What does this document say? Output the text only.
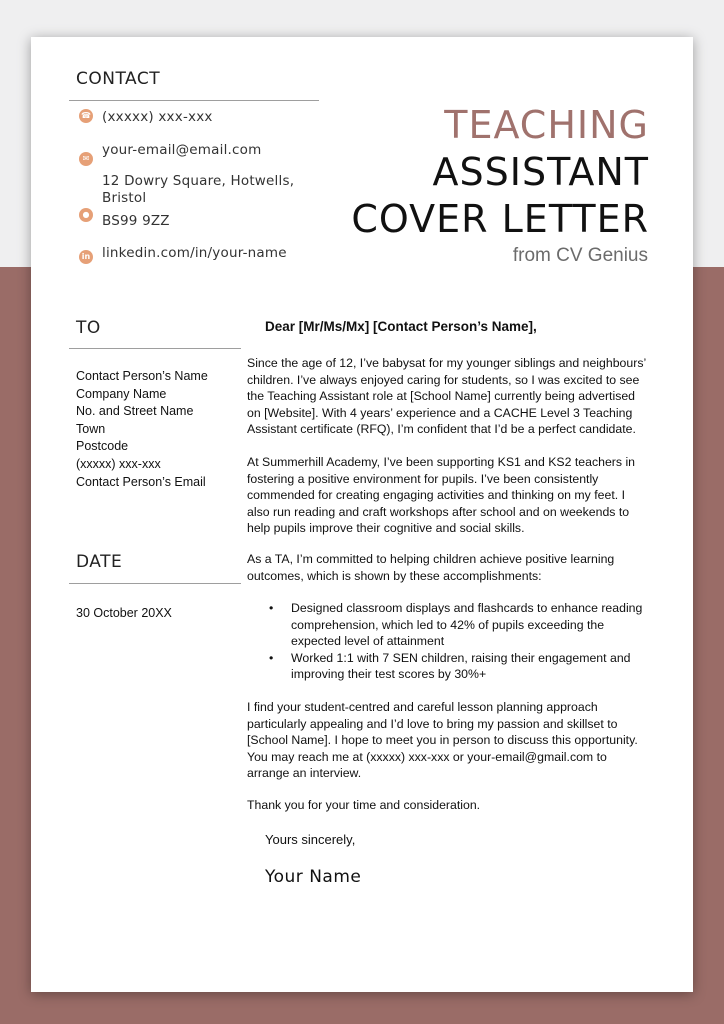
CONTACT
☎ (xxxxx) xxx-xxx
✉
your-email@email.com
12 Dowry Square, Hotwells,
Bristol
● BS99 9ZZ
in linkedin.com/in/your-name
TEACHING
ASSISTANT
COVER LETTER
from CV Genius
TO
Contact Person’s Name
Company Name
No. and Street Name
Town
Postcode
(xxxxx) xxx-xxx
Contact Person’s Email
DATE
30 October 20XX
Dear [Mr/Ms/Mx] [Contact Person’s Name],

Since the age of 12, I’ve babysat for my younger siblings and neighbours’ children. I’ve always enjoyed caring for students, so I was excited to see the Teaching Assistant role at [School Name] currently being advertised on [Website]. With 4 years’ experience and a CACHE Level 3 Teaching Assistant certificate (RFQ), I’m confident that I’d be a perfect candidate.

At Summerhill Academy, I’ve been supporting KS1 and KS2 teachers in fostering a positive environment for pupils. I’ve been consistently commended for creating engaging activities and thinking on my feet. I also run reading and craft workshops after school and on weekends to help pupils improve their cognitive and social skills.

As a TA, I’m committed to helping children achieve positive learning outcomes, which is shown by these accomplishments:

• Designed classroom displays and flashcards to enhance reading comprehension, which led to 42% of pupils exceeding the expected level of attainment
• Worked 1:1 with 7 SEN children, raising their engagement and improving their test scores by 30%+

I find your student-centred and careful lesson planning approach particularly appealing and I’d love to bring my passion and skillset to [School Name]. I hope to meet you in person to discuss this opportunity. You may reach me at (xxxxx) xxx-xxx or your-email@gmail.com to arrange an interview.

Thank you for your time and consideration.

Yours sincerely,
Your Name
